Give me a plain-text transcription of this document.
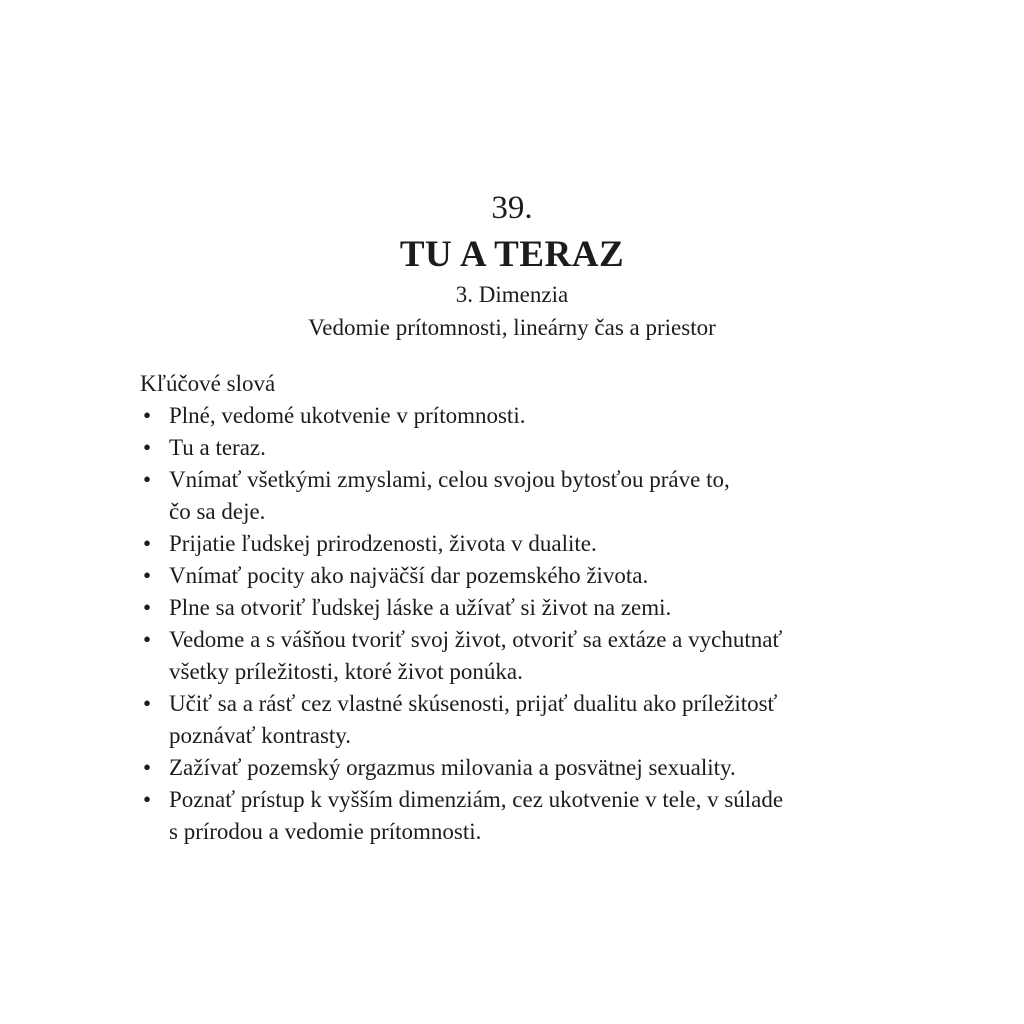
39.
TU A TERAZ
3. Dimenzia
Vedomie prítomnosti, lineárny čas a priestor
Kľúčové slová
• Plné, vedomé ukotvenie v prítomnosti.
• Tu a teraz.
• Vnímať všetkými zmyslami, celou svojou bytosťou práve to,
čo sa deje.
• Prijatie ľudskej prirodzenosti, života v dualite.
• Vnímať pocity ako najväčší dar pozemského života.
• Plne sa otvoriť ľudskej láske a užívať si život na zemi.
• Vedome a s vášňou tvoriť svoj život, otvoriť sa extáze a vychutnať
všetky príležitosti, ktoré život ponúka.
• Učiť sa a rásť cez vlastné skúsenosti, prijať dualitu ako príležitosť
poznávať kontrasty.
• Zažívať pozemský orgazmus milovania a posvätnej sexuality.
• Poznať prístup k vyšším dimenziám, cez ukotvenie v tele, v súlade
s prírodou a vedomie prítomnosti.
